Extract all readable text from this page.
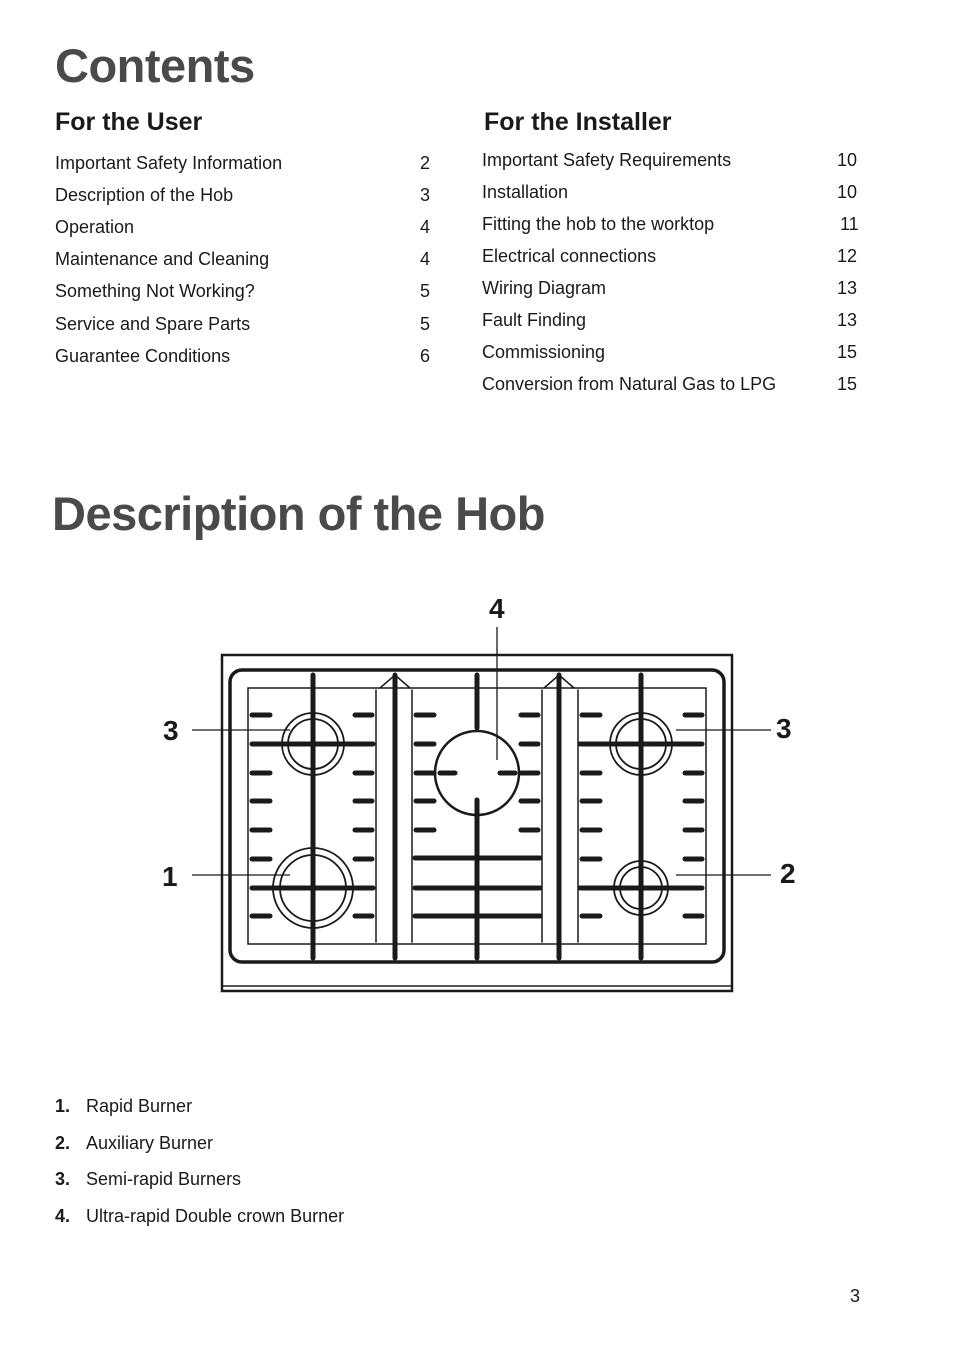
Contents
For the User	For the Installer
Important Safety Information	2
Description of the Hob	3
Operation	4
Maintenance and Cleaning	4
Something Not Working?	5
Service and Spare Parts	5
Guarantee Conditions	6
Important Safety Requirements	10
Installation	10
Fitting the hob to the worktop	11
Electrical connections	12
Wiring Diagram	13
Fault Finding	13
Commissioning	15
Conversion from Natural Gas to LPG	15
Description of the Hob
4
3	3
1	2
1. Rapid Burner
2. Auxiliary Burner
3. Semi-rapid Burners
4. Ultra-rapid Double crown Burner
3
